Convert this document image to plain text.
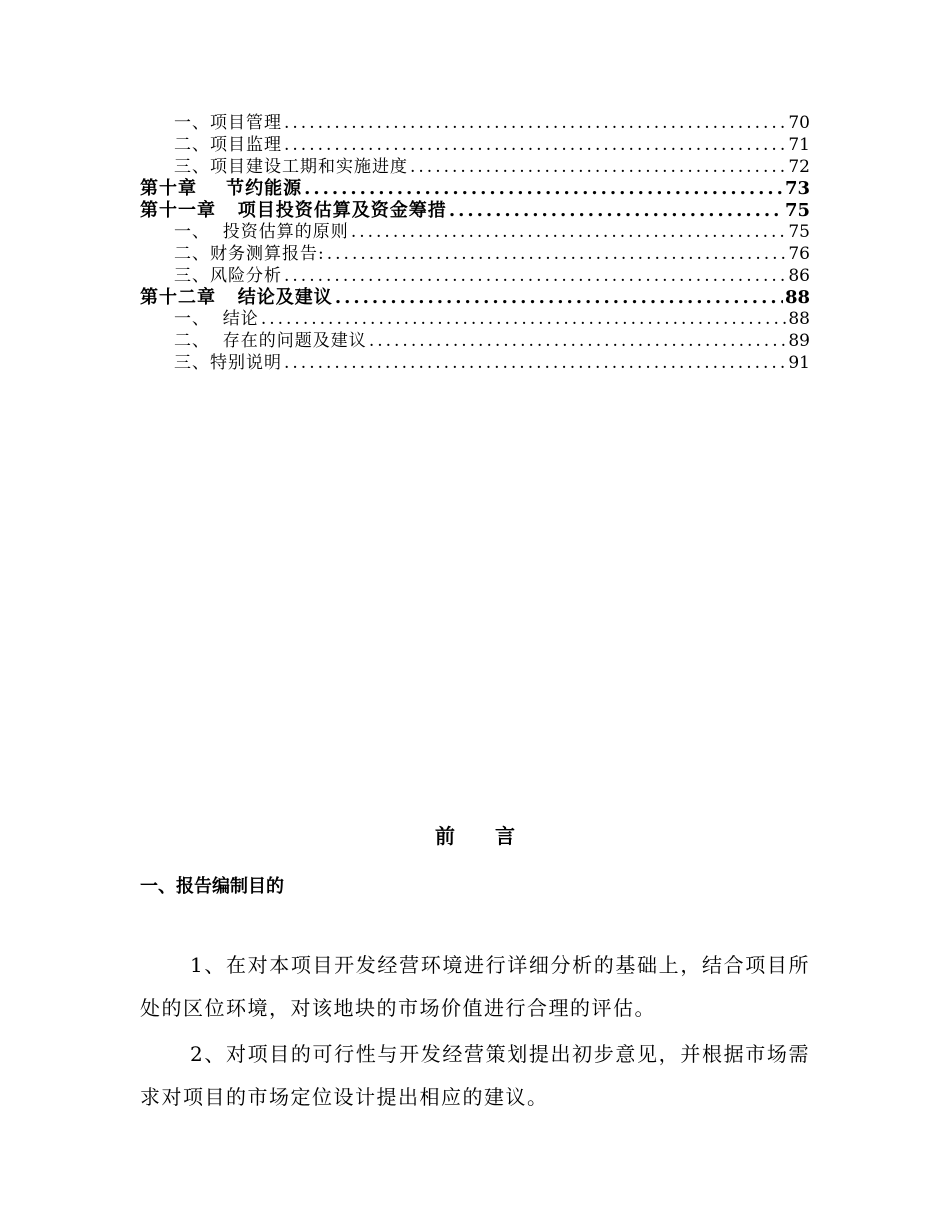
一、项目管理 .....	70
二、项目监理 .....	71
三、项目建设工期和实施进度 .....	72
第十章    节约能源 .....	73
第十一章   项目投资估算及资金筹措 .....	75
一、  投资估算的原则 .....	75
二、财务测算报告: .....	76
三、风险分析 .....	86
第十二章   结论及建议 .....	88
一、  结论 .....	88
二、  存在的问题及建议 .....	89
三、特别说明 .....	91
前言
一、报告编制目的
1、在对本项目开发经营环境进行详细分析的基础上，结合项目所处的区位环境，对该地块的市场价值进行合理的评估。
2、对项目的可行性与开发经营策划提出初步意见，并根据市场需求对项目的市场定位设计提出相应的建议。
